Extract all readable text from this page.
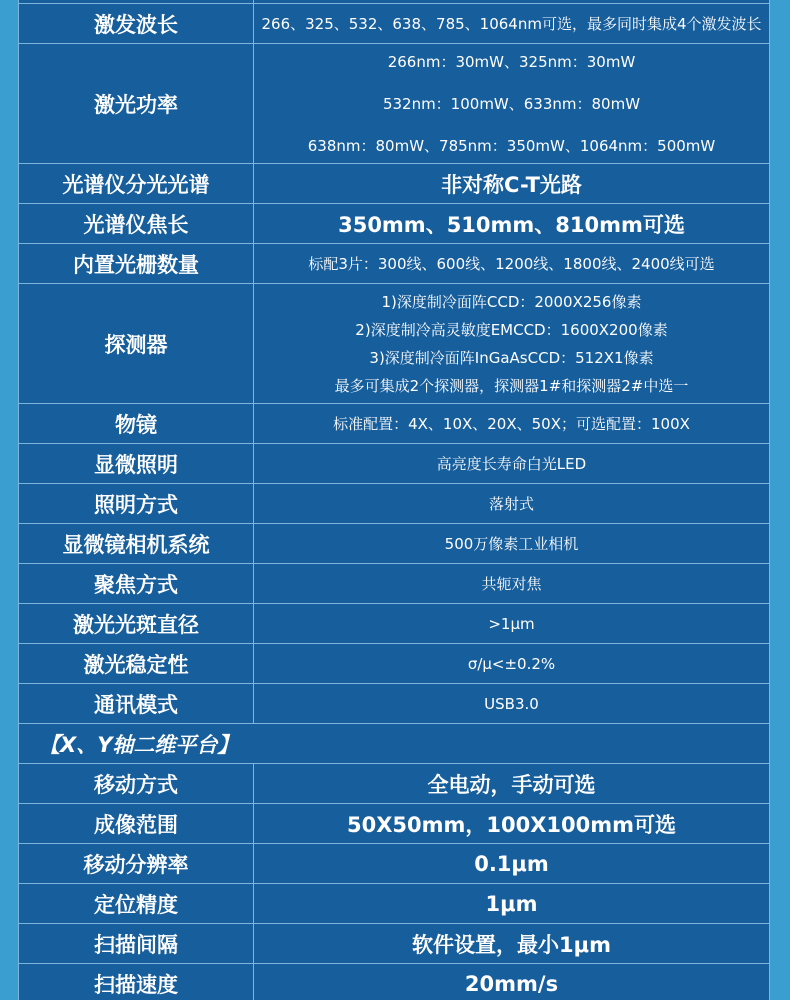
激发波长	266、325、532、638、785、1064nm可选，最多同时集成4个激发波长

激光功率	266nm：30mW、325nm：30mW
532nm：100mW、633nm：80mW
638nm：80mW、785nm：350mW、1064nm：500mW

光谱仪分光光谱	非对称C-T光路

光谱仪焦长	350mm、510mm、810mm可选

内置光栅数量	标配3片：300线、600线、1200线、1800线、2400线可选

探测器	1)深度制冷面阵CCD：2000X256像素
2)深度制冷高灵敏度EMCCD：1600X200像素
3)深度制冷面阵InGaAsCCD：512X1像素
最多可集成2个探测器，探测器1#和探测器2#中选一

物镜	标准配置：4X、10X、20X、50X；可选配置：100X

显微照明	高亮度长寿命白光LED

照明方式	落射式

显微镜相机系统	500万像素工业相机

聚焦方式	共轭对焦

激光光斑直径	>1μm

激光稳定性	σ/μ<±0.2%

通讯模式	USB3.0

【X、Y轴二维平台】	
移动方式	全电动，手动可选

成像范围	50X50mm，100X100mm可选

移动分辨率	0.1μm

定位精度	1μm

扫描间隔	软件设置，最小1μm

扫描速度	20mm/s
